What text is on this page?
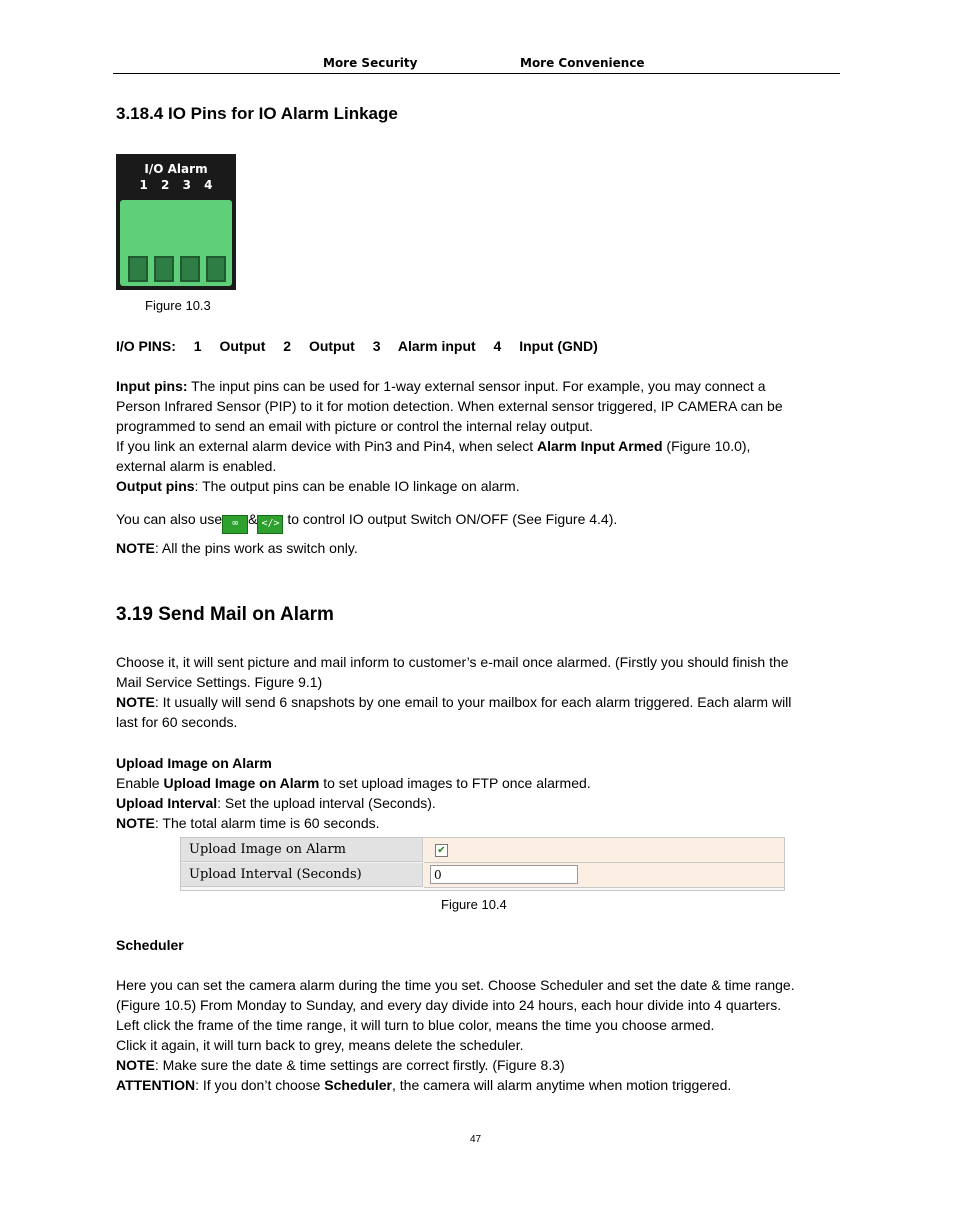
More Security	More Convenience
3.18.4 IO Pins for IO Alarm Linkage
I/O Alarm
1 2 3 4
Figure 10.3
I/O PINS: 1 Output 2 Output 3 Alarm input 4 Input (GND)
Input pins: The input pins can be used for 1-way external sensor input. For example, you may connect a
Person Infrared Sensor (PIP) to it for motion detection. When external sensor triggered, IP CAMERA can be
programmed to send an email with picture or control the internal relay output.
If you link an external alarm device with Pin3 and Pin4, when select Alarm Input Armed (Figure 10.0),
external alarm is enabled.
Output pins: The output pins can be enable IO linkage on alarm.
You can also use ∞ & </> to control IO output Switch ON/OFF (See Figure 4.4).
NOTE: All the pins work as switch only.
3.19 Send Mail on Alarm
Choose it, it will sent picture and mail inform to customer’s e-mail once alarmed. (Firstly you should finish the
Mail Service Settings. Figure 9.1)
NOTE: It usually will send 6 snapshots by one email to your mailbox for each alarm triggered. Each alarm will
last for 60 seconds.
Upload Image on Alarm
Enable Upload Image on Alarm to set upload images to FTP once alarmed.
Upload Interval: Set the upload interval (Seconds).
NOTE: The total alarm time is 60 seconds.
Upload Image on Alarm	✔
Upload Interval (Seconds)	0
Figure 10.4
Scheduler
Here you can set the camera alarm during the time you set. Choose Scheduler and set the date & time range.
(Figure 10.5) From Monday to Sunday, and every day divide into 24 hours, each hour divide into 4 quarters.
Left click the frame of the time range, it will turn to blue color, means the time you choose armed.
Click it again, it will turn back to grey, means delete the scheduler.
NOTE: Make sure the date & time settings are correct firstly. (Figure 8.3)
ATTENTION: If you don’t choose Scheduler, the camera will alarm anytime when motion triggered.
47
